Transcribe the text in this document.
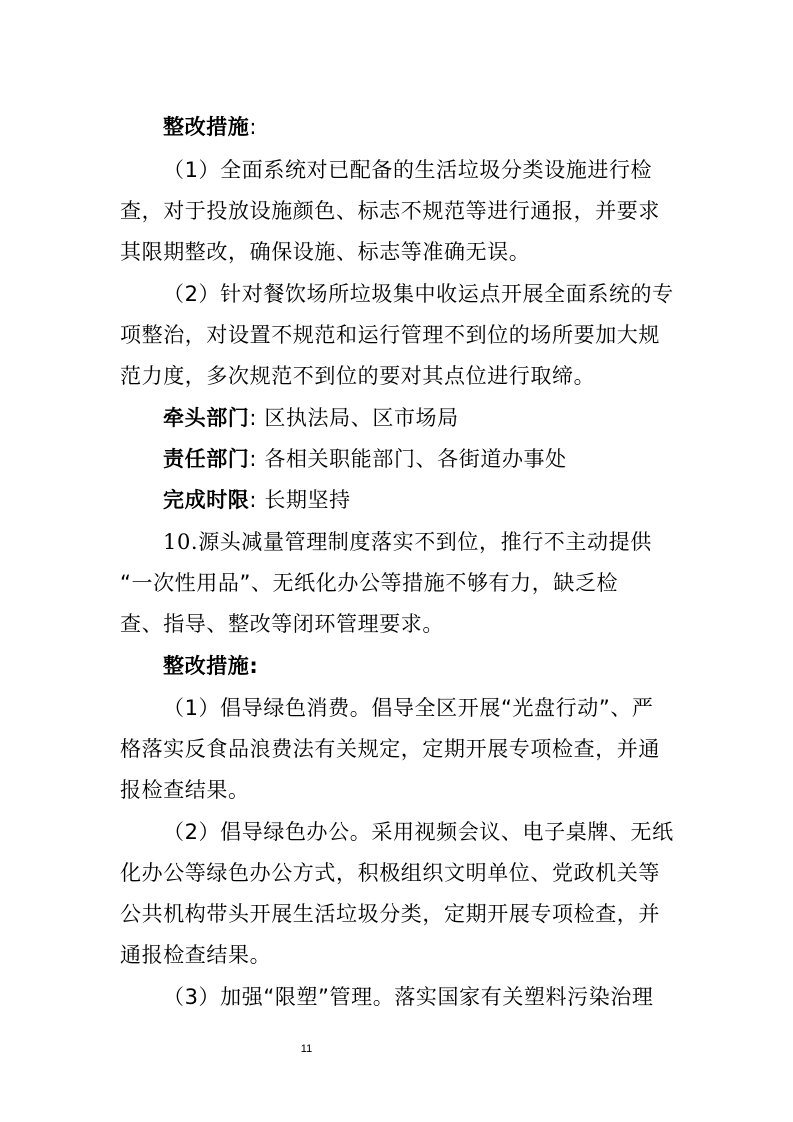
整改措施:
（1）全面系统对已配备的生活垃圾分类设施进行检
查，对于投放设施颜色、标志不规范等进行通报，并要求
其限期整改，确保设施、标志等准确无误。
（2）针对餐饮场所垃圾集中收运点开展全面系统的专
项整治，对设置不规范和运行管理不到位的场所要加大规
范力度，多次规范不到位的要对其点位进行取缔。
牵头部门: 区执法局、区市场局
责任部门: 各相关职能部门、各街道办事处
完成时限: 长期坚持
10.源头减量管理制度落实不到位，推行不主动提供
“一次性用品”、无纸化办公等措施不够有力，缺乏检
查、指导、整改等闭环管理要求。
整改措施:
（1）倡导绿色消费。倡导全区开展“光盘行动”、严
格落实反食品浪费法有关规定，定期开展专项检查，并通
报检查结果。
（2）倡导绿色办公。采用视频会议、电子桌牌、无纸
化办公等绿色办公方式，积极组织文明单位、党政机关等
公共机构带头开展生活垃圾分类，定期开展专项检查，并
通报检查结果。
（3）加强“限塑”管理。落实国家有关塑料污染治理
11
